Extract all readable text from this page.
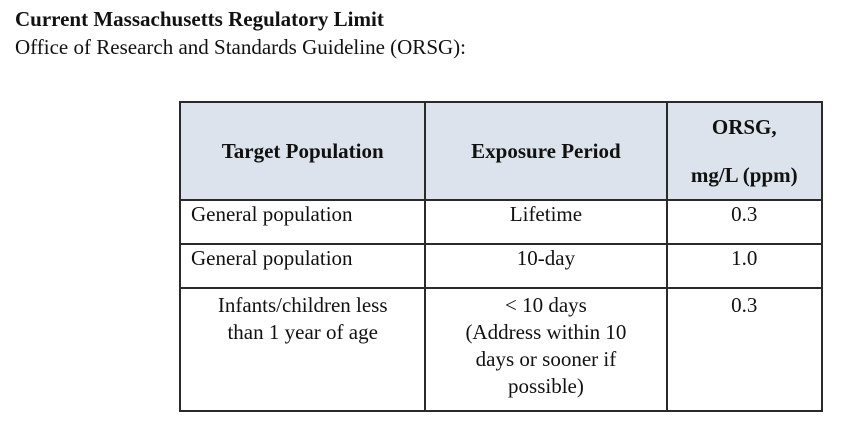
Current Massachusetts Regulatory Limit
Office of Research and Standards Guideline (ORSG):
Target Population	Exposure Period	ORSG,
mg/L (ppm)

General population	Lifetime	0.3
General population	10-day	1.0

Infants/children less
than 1 year of age	< 10 days
(Address within 10
days or sooner if
possible)	0.3
